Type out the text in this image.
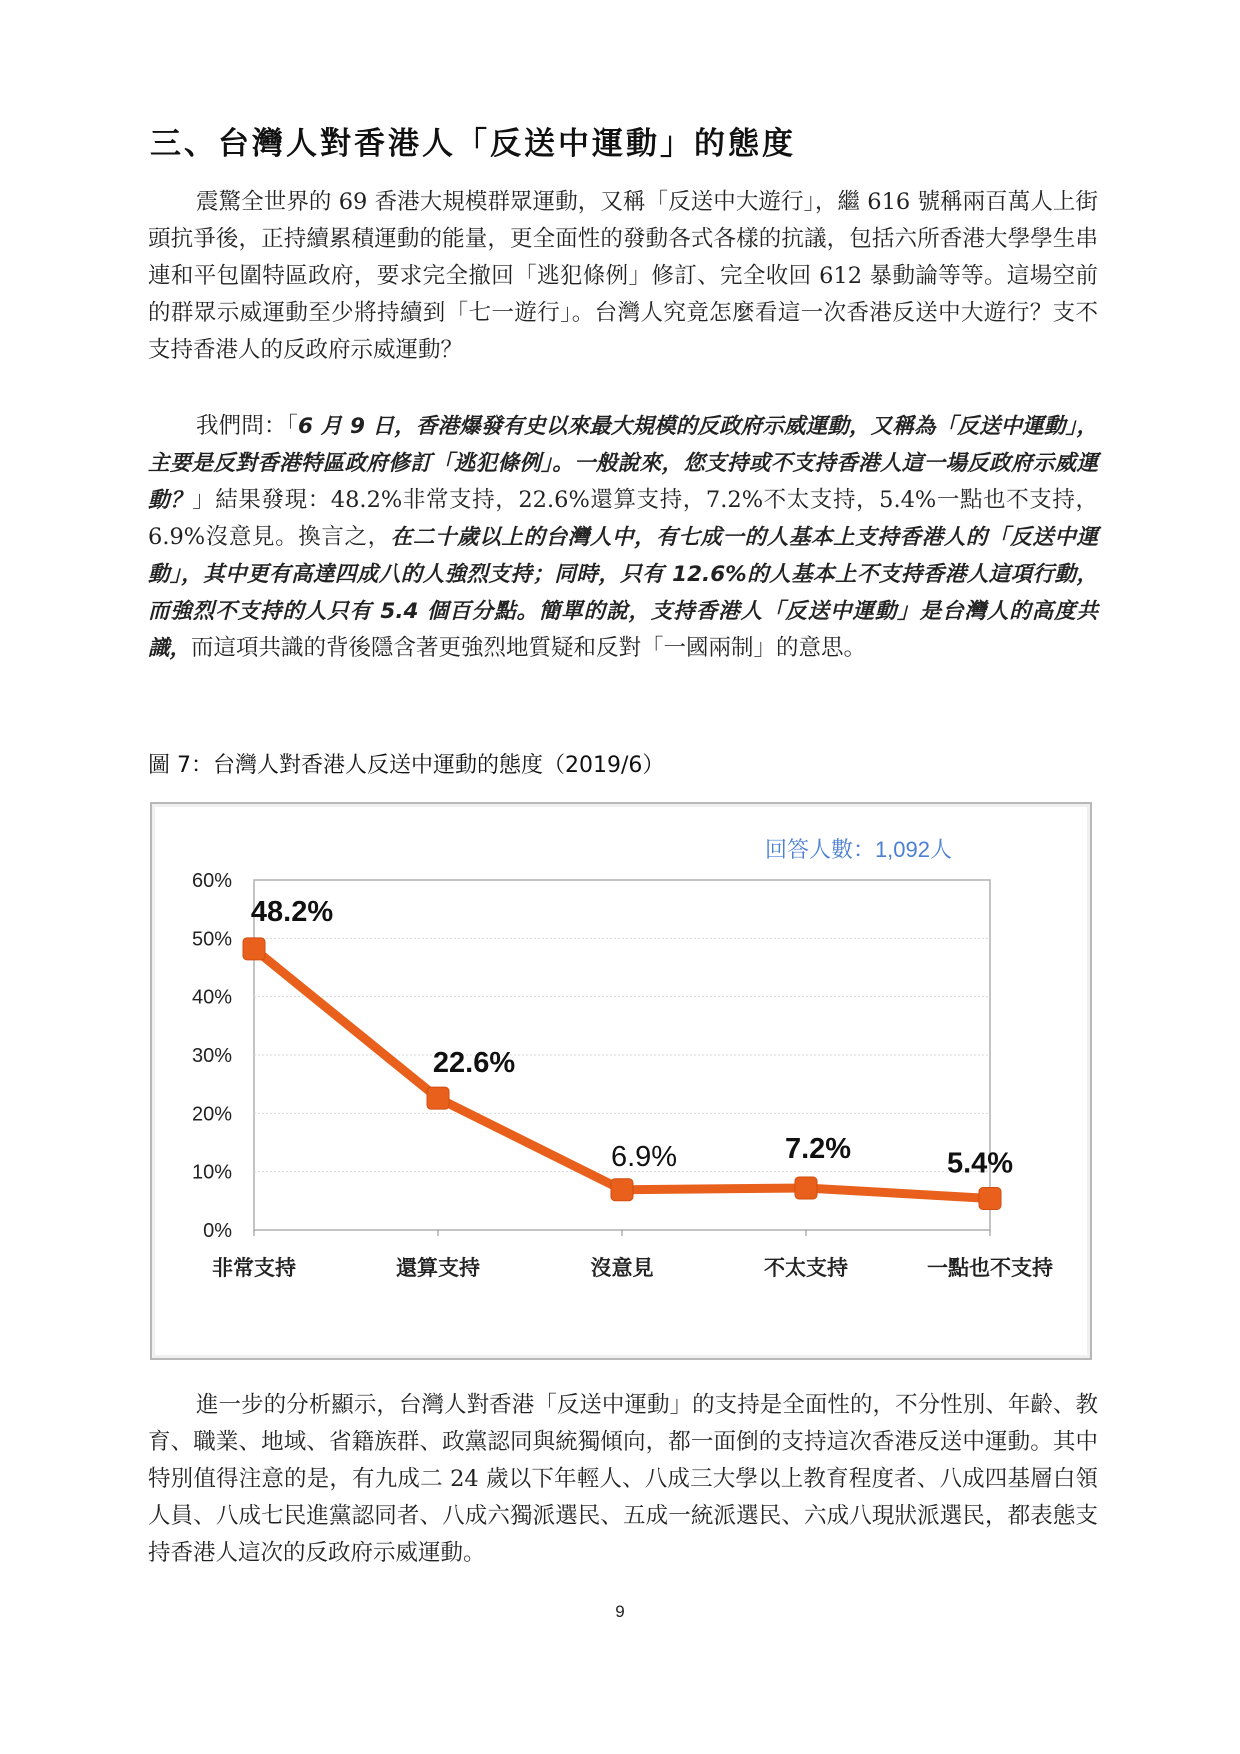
三、台灣人對香港人「反送中運動」的態度

震驚全世界的 69 香港大規模群眾運動，又稱「反送中大遊行」，繼 616 號稱兩百萬人上街頭抗爭後，正持續累積運動的能量，更全面性的發動各式各樣的抗議，包括六所香港大學學生串連和平包圍特區政府，要求完全撤回「逃犯條例」修訂、完全收回 612 暴動論等等。這場空前的群眾示威運動至少將持續到「七一遊行」。台灣人究竟怎麼看這一次香港反送中大遊行？支不支持香港人的反政府示威運動？

我們問：「6 月 9 日，香港爆發有史以來最大規模的反政府示威運動，又稱為「反送中運動」，主要是反對香港特區政府修訂「逃犯條例」。一般說來，您支持或不支持香港人這一場反政府示威運動？」結果發現：48.2%非常支持，22.6%還算支持，7.2%不太支持，5.4%一點也不支持，6.9%沒意見。換言之，在二十歲以上的台灣人中，有七成一的人基本上支持香港人的「反送中運動」，其中更有高達四成八的人強烈支持；同時，只有 12.6%的人基本上不支持香港人這項行動，而強烈不支持的人只有 5.4 個百分點。簡單的說，支持香港人「反送中運動」是台灣人的高度共識，而這項共識的背後隱含著更強烈地質疑和反對「一國兩制」的意思。

圖 7：台灣人對香港人反送中運動的態度（2019/6）

0%
10%
20%
30%
40%
50%
60%
非常支持	還算支持	沒意見	不太支持	一點也不支持
48.2%
22.6%
6.9%	7.2%	5.4%
回答人數：1,092人

進一步的分析顯示，台灣人對香港「反送中運動」的支持是全面性的，不分性別、年齡、教育、職業、地域、省籍族群、政黨認同與統獨傾向，都一面倒的支持這次香港反送中運動。其中特別值得注意的是，有九成二 24 歲以下年輕人、八成三大學以上教育程度者、八成四基層白領人員、八成七民進黨認同者、八成六獨派選民、五成一統派選民、六成八現狀派選民，都表態支持香港人這次的反政府示威運動。

9
